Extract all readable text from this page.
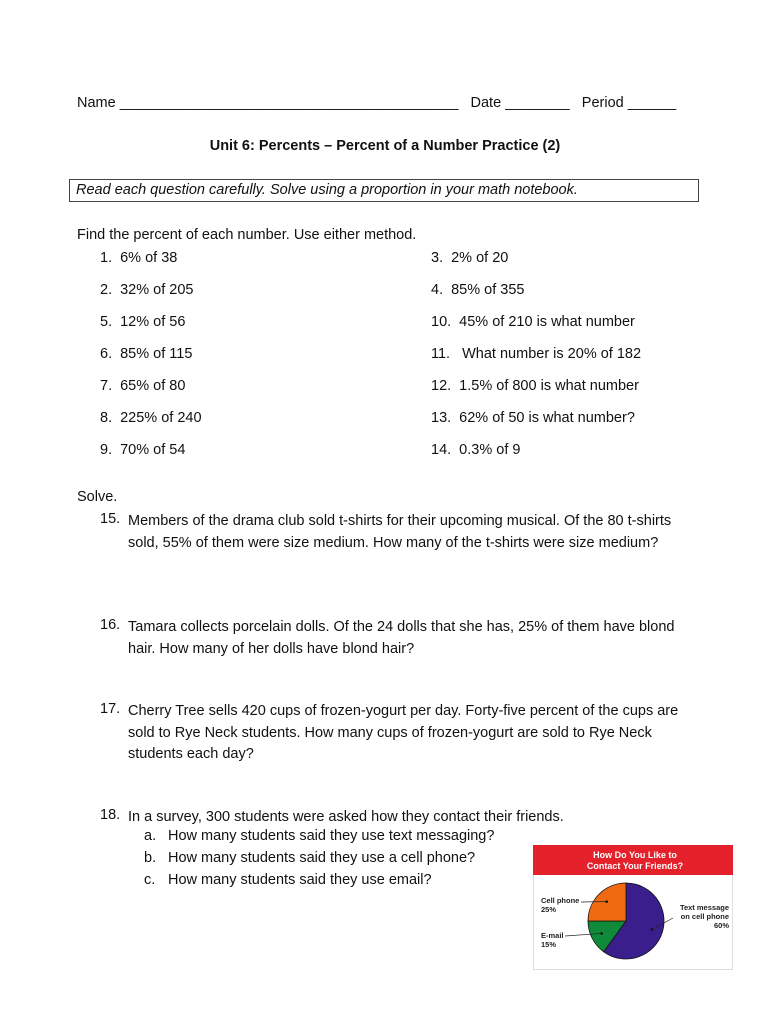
Name __________________________________________ Date ________ Period ______
Unit 6: Percents – Percent of a Number Practice (2)
Read each question carefully. Solve using a proportion in your math notebook.
Find the percent of each number. Use either method.
1. 6% of 38
2. 32% of 205
5. 12% of 56
6. 85% of 115
7. 65% of 80
8. 225% of 240
9. 70% of 54
3. 2% of 20
4. 85% of 355
10. 45% of 210 is what number
11. What number is 20% of 182
12. 1.5% of 800 is what number
13. 62% of 50 is what number?
14. 0.3% of 9
Solve.
15. Members of the drama club sold t-shirts for their upcoming musical. Of the 80 t-shirts sold, 55% of them were size medium. How many of the t-shirts were size medium?
16. Tamara collects porcelain dolls. Of the 24 dolls that she has, 25% of them have blond hair. How many of her dolls have blond hair?
17. Cherry Tree sells 420 cups of frozen-yogurt per day. Forty-five percent of the cups are sold to Rye Neck students. How many cups of frozen-yogurt are sold to Rye Neck students each day?
18. In a survey, 300 students were asked how they contact their friends.
a. How many students said they use text messaging?
b. How many students said they use a cell phone?
c. How many students said they use email?
How Do You Like to
Contact Your Friends?
Text message
on cell phone
60%
E-mail
15%
Cell phone
25%
